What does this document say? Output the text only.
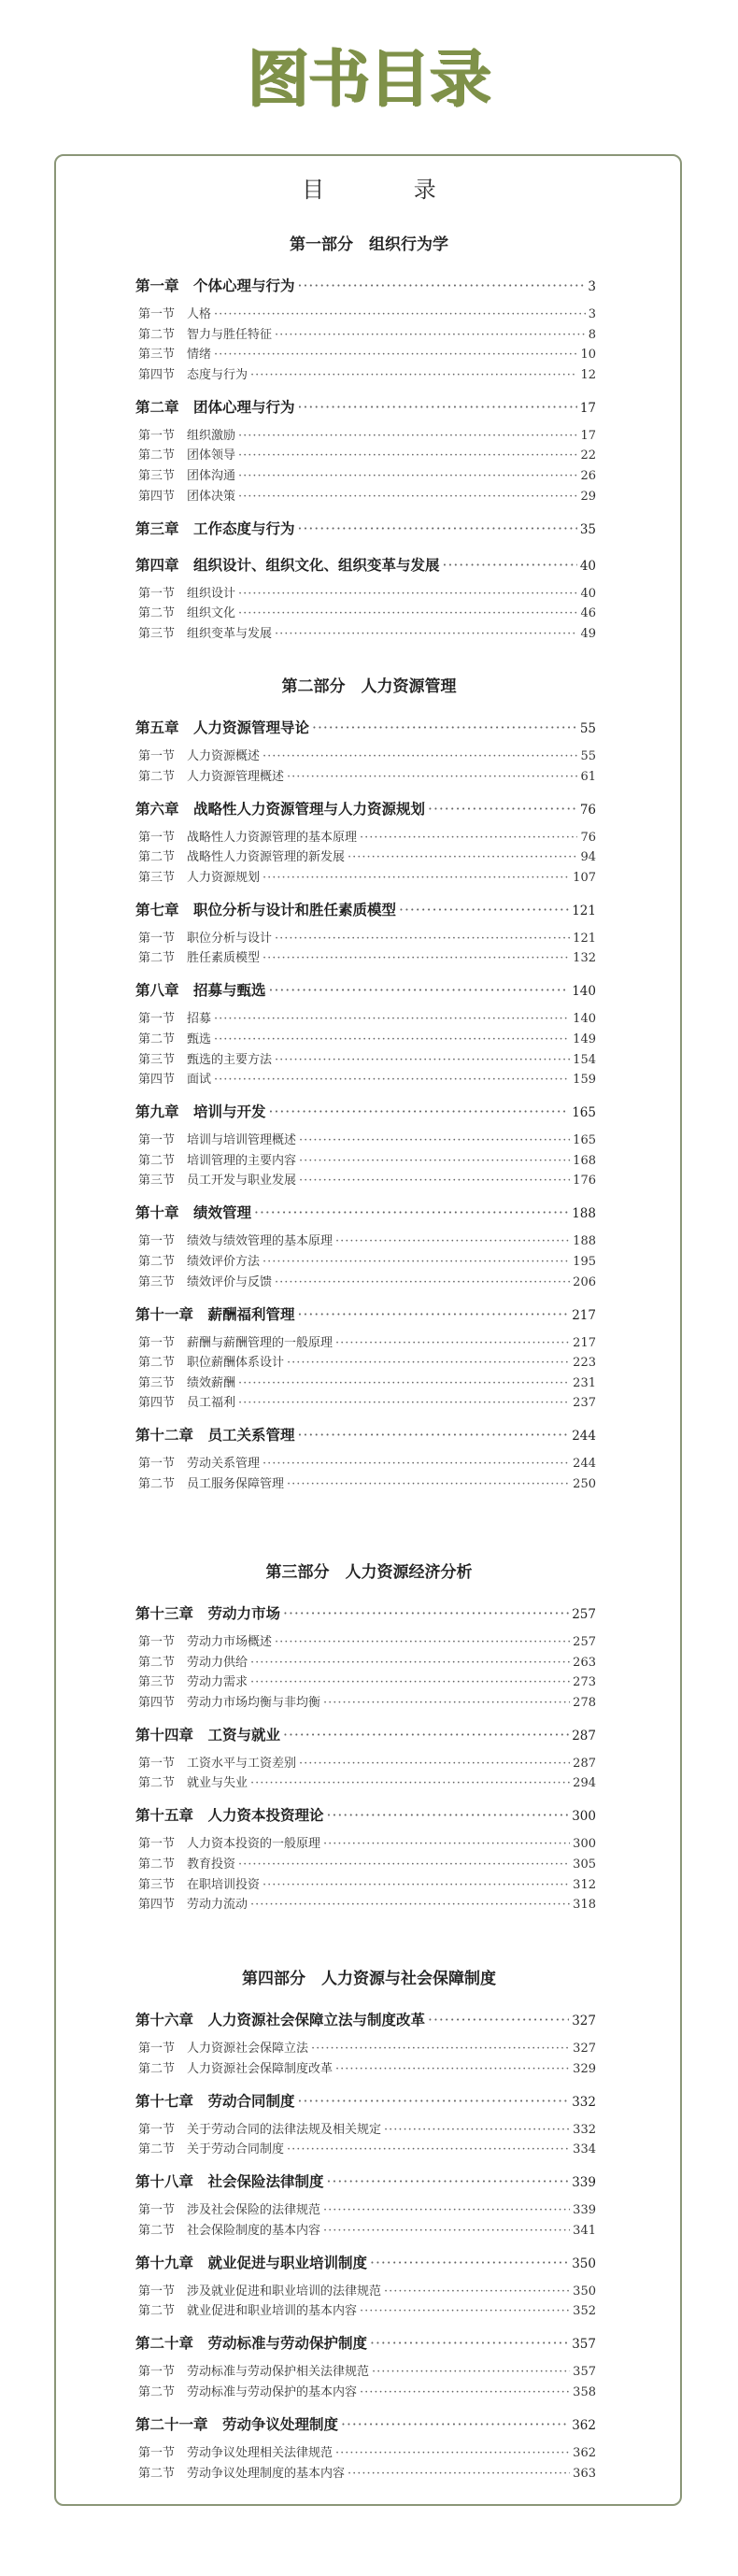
图书目录
目 录
第一部分　组织行为学
第一章　个体心理与行为 ·····	3
第一节　人格 ·····	3
第二节　智力与胜任特征 ·····	8
第三节　情绪 ·····	10
第四节　态度与行为 ·····	12
第二章　团体心理与行为 ·····	17
第一节　组织激励 ·····	17
第二节　团体领导 ·····	22
第三节　团体沟通 ·····	26
第四节　团体决策 ·····	29
第三章　工作态度与行为 ·····	35
第四章　组织设计、组织文化、组织变革与发展 ·····	40
第一节　组织设计 ·····	40
第二节　组织文化 ·····	46
第三节　组织变革与发展 ·····	49
第二部分　人力资源管理
第五章　人力资源管理导论 ·····	55
第一节　人力资源概述 ·····	55
第二节　人力资源管理概述 ·····	61
第六章　战略性人力资源管理与人力资源规划 ·····	76
第一节　战略性人力资源管理的基本原理 ·····	76
第二节　战略性人力资源管理的新发展 ·····	94
第三节　人力资源规划 ·····	107
第七章　职位分析与设计和胜任素质模型 ·····	121
第一节　职位分析与设计 ·····	121
第二节　胜任素质模型 ·····	132
第八章　招募与甄选 ·····	140
第一节　招募 ·····	140
第二节　甄选 ·····	149
第三节　甄选的主要方法 ·····	154
第四节　面试 ·····	159
第九章　培训与开发 ·····	165
第一节　培训与培训管理概述 ·····	165
第二节　培训管理的主要内容 ·····	168
第三节　员工开发与职业发展 ·····	176
第十章　绩效管理 ·····	188
第一节　绩效与绩效管理的基本原理 ·····	188
第二节　绩效评价方法 ·····	195
第三节　绩效评价与反馈 ·····	206
第十一章　薪酬福利管理 ·····	217
第一节　薪酬与薪酬管理的一般原理 ·····	217
第二节　职位薪酬体系设计 ·····	223
第三节　绩效薪酬 ·····	231
第四节　员工福利 ·····	237
第十二章　员工关系管理 ·····	244
第一节　劳动关系管理 ·····	244
第二节　员工服务保障管理 ·····	250
第三部分　人力资源经济分析
第十三章　劳动力市场 ·····	257
第一节　劳动力市场概述 ·····	257
第二节　劳动力供给 ·····	263
第三节　劳动力需求 ·····	273
第四节　劳动力市场均衡与非均衡 ·····	278
第十四章　工资与就业 ·····	287
第一节　工资水平与工资差别 ·····	287
第二节　就业与失业 ·····	294
第十五章　人力资本投资理论 ·····	300
第一节　人力资本投资的一般原理 ·····	300
第二节　教育投资 ·····	305
第三节　在职培训投资 ·····	312
第四节　劳动力流动 ·····	318
第四部分　人力资源与社会保障制度
第十六章　人力资源社会保障立法与制度改革 ·····	327
第一节　人力资源社会保障立法 ·····	327
第二节　人力资源社会保障制度改革 ·····	329
第十七章　劳动合同制度 ·····	332
第一节　关于劳动合同的法律法规及相关规定 ·····	332
第二节　关于劳动合同制度 ·····	334
第十八章　社会保险法律制度 ·····	339
第一节　涉及社会保险的法律规范 ·····	339
第二节　社会保险制度的基本内容 ·····	341
第十九章　就业促进与职业培训制度 ·····	350
第一节　涉及就业促进和职业培训的法律规范 ·····	350
第二节　就业促进和职业培训的基本内容 ·····	352
第二十章　劳动标准与劳动保护制度 ·····	357
第一节　劳动标准与劳动保护相关法律规范 ·····	357
第二节　劳动标准与劳动保护的基本内容 ·····	358
第二十一章　劳动争议处理制度 ·····	362
第一节　劳动争议处理相关法律规范 ·····	362
第二节　劳动争议处理制度的基本内容 ·····	363
